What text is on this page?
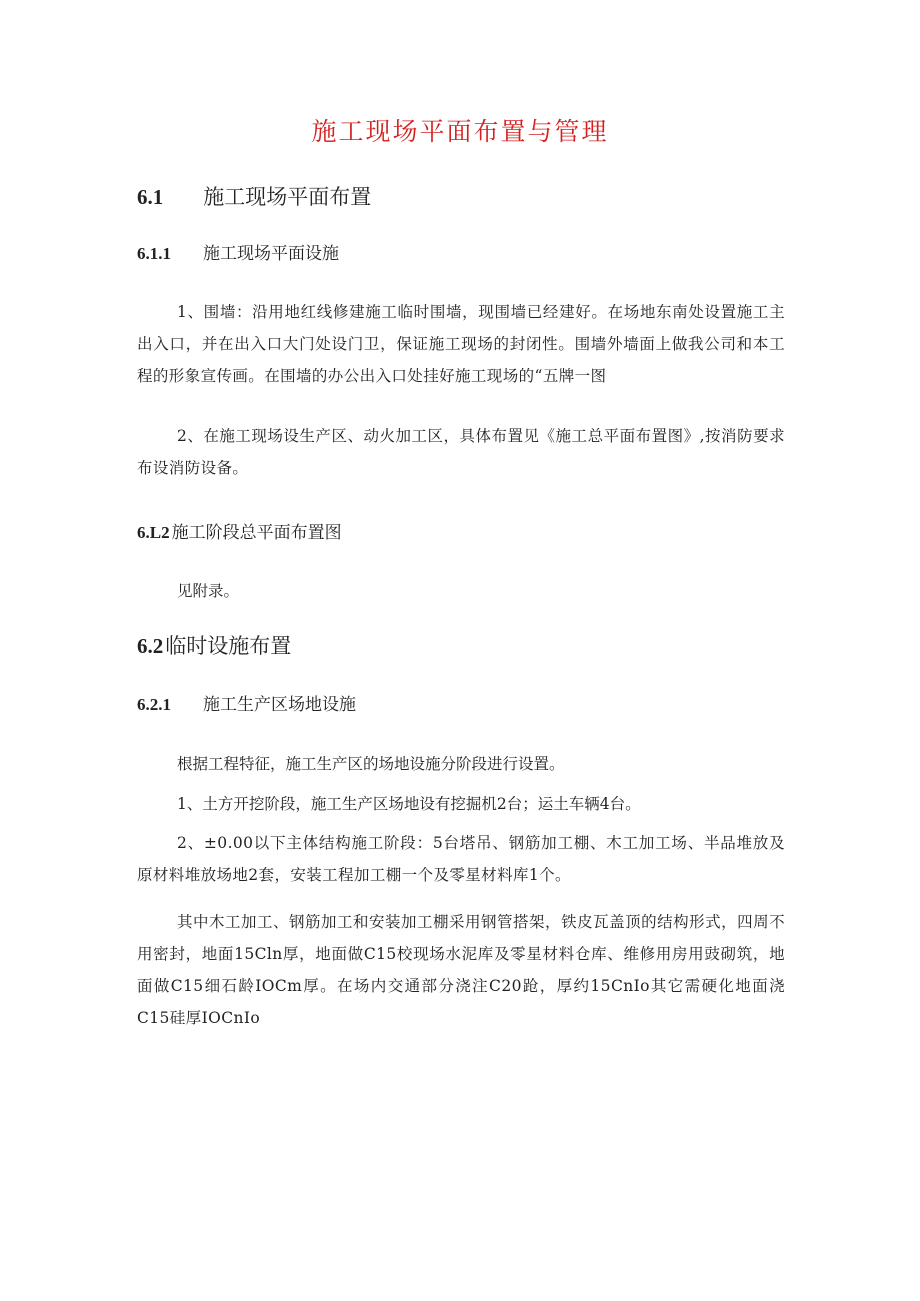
施工现场平面布置与管理
6.1 施工现场平面布置
6.1.1 施工现场平面设施
1、围墙：沿用地红线修建施工临时围墙，现围墙已经建好。在场地东南处设置施工主出入口，并在出入口大门处设门卫，保证施工现场的封闭性。围墙外墙面上做我公司和本工程的形象宣传画。在围墙的办公出入口处挂好施工现场的“五牌一图
2、在施工现场设生产区、动火加工区，具体布置见《施工总平面布置图》,按消防要求布设消防设备。
6.L2 施工阶段总平面布置图
见附录。
6.2临时设施布置
6.2.1 施工生产区场地设施
根据工程特征，施工生产区的场地设施分阶段进行设置。
1、土方开挖阶段，施工生产区场地设有挖掘机2台；运土车辆4台。
2、±0.00以下主体结构施工阶段：5台塔吊、钢筋加工棚、木工加工场、半品堆放及原材料堆放场地2套，安装工程加工棚一个及零星材料库1个。
其中木工加工、钢筋加工和安装加工棚采用钢管搭架，铁皮瓦盖顶的结构形式，四周不用密封，地面15Cln厚，地面做C15校现场水泥库及零星材料仓库、维修用房用豉砌筑，地面做C15细石龄IOCm厚。在场内交通部分浇注C20跄，厚约15CnIo其它需硬化地面浇C15硅厚IOCnIo
